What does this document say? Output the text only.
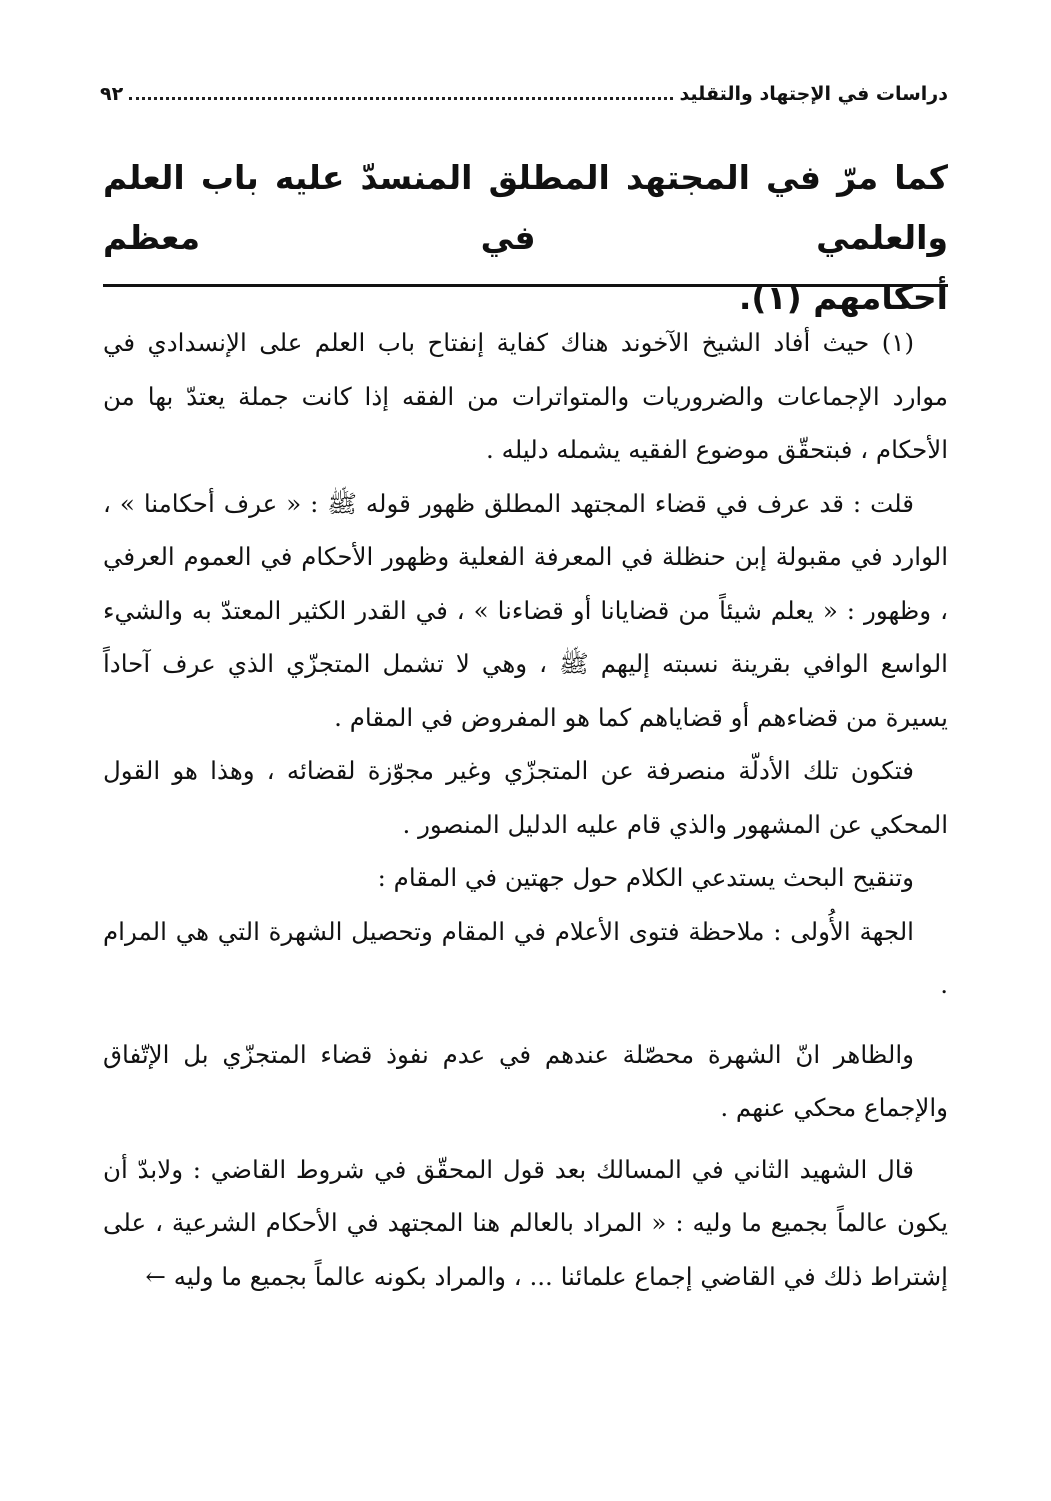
دراسات في الإجتهاد والتقليد
٩٢
كما مرّ في المجتهد المطلق المنسدّ عليه باب العلم والعلمي في معظم
أحكامهم (١).

(١) حيث أفاد الشيخ الآخوند هناك كفاية إنفتاح باب العلم على الإنسدادي في موارد الإجماعات والضروريات والمتواترات من الفقه إذا كانت جملة يعتدّ بها من الأحكام ، فبتحقّق موضوع الفقيه يشمله دليله .

قلت : قد عرف في قضاء المجتهد المطلق ظهور قوله ﷺ : « عرف أحكامنا » ، الوارد في مقبولة إبن حنظلة في المعرفة الفعلية وظهور الأحكام في العموم العرفي ، وظهور : « يعلم شيئاً من قضايانا أو قضاءنا » ، في القدر الكثير المعتدّ به والشيء الواسع الوافي بقرينة نسبته إليهم ﷺ ، وهي لا تشمل المتجزّي الذي عرف آحاداً يسيرة من قضاءهم أو قضاياهم كما هو المفروض في المقام .

فتكون تلك الأدلّة منصرفة عن المتجزّي وغير مجوّزة لقضائه ، وهذا هو القول المحكي عن المشهور والذي قام عليه الدليل المنصور .

وتنقيح البحث يستدعي الكلام حول جهتين في المقام :

الجهة الأُولى : ملاحظة فتوى الأعلام في المقام وتحصيل الشهرة التي هي المرام .

والظاهر انّ الشهرة محصّلة عندهم في عدم نفوذ قضاء المتجزّي بل الإتّفاق والإجماع محكي عنهم .

قال الشهيد الثاني في المسالك بعد قول المحقّق في شروط القاضي : ولابدّ أن يكون عالماً بجميع ما وليه : « المراد بالعالم هنا المجتهد في الأحكام الشرعية ، على إشتراط ذلك في القاضي إجماع علمائنا ... ، والمراد بكونه عالماً بجميع ما وليه ←
